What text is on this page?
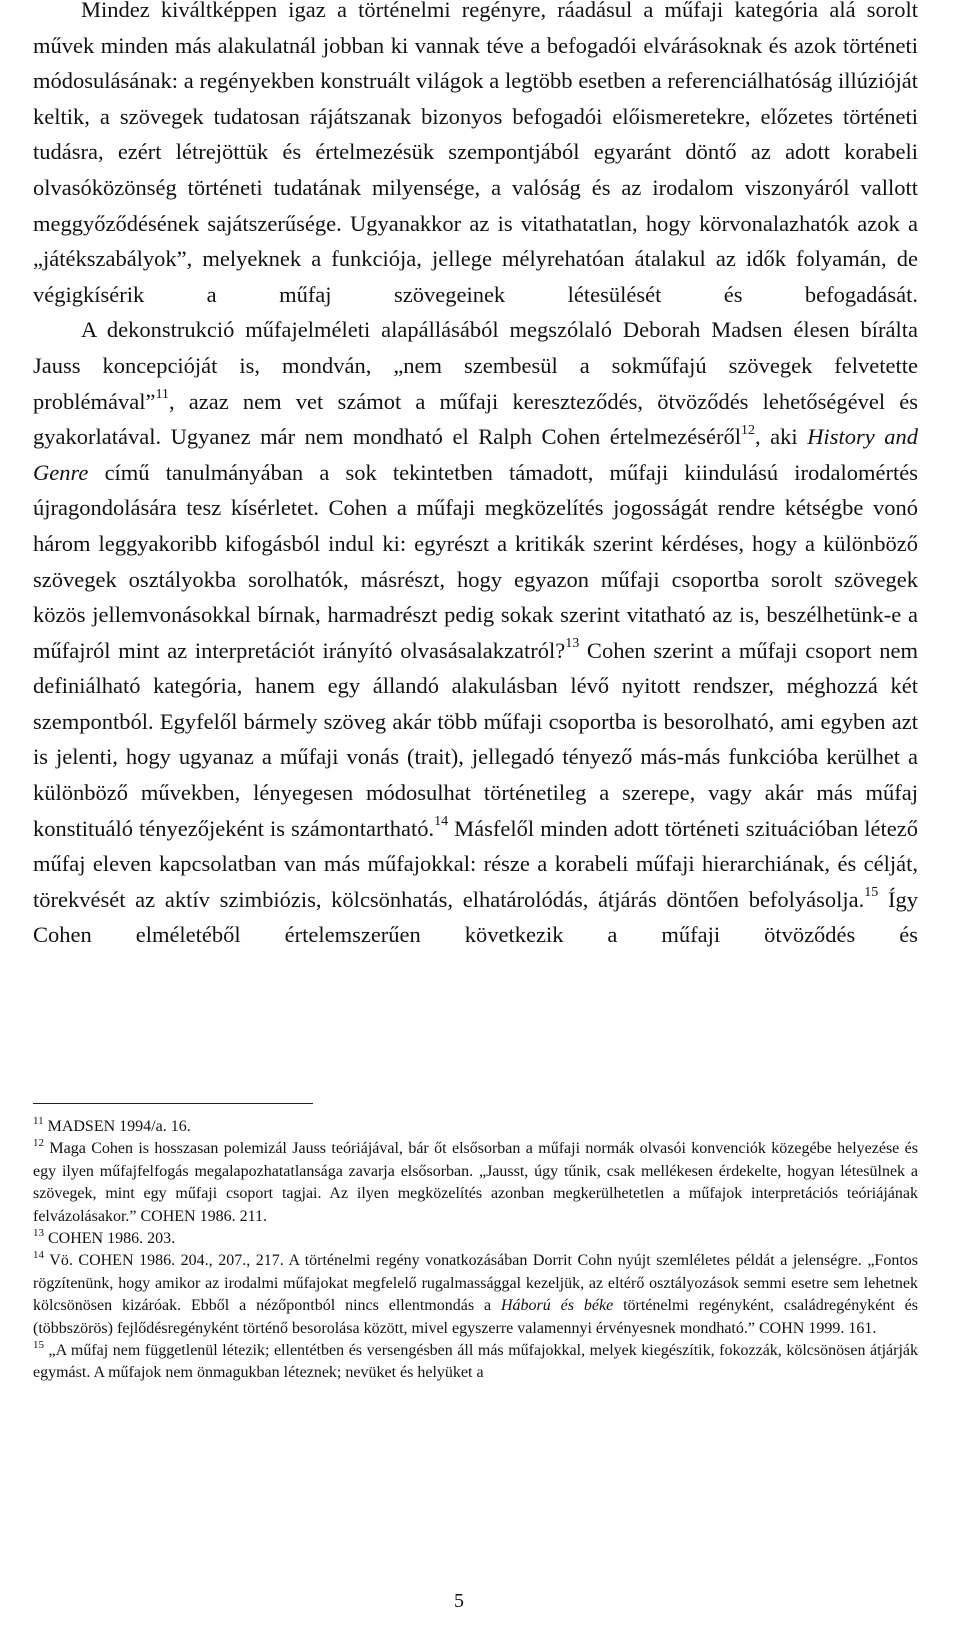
Mindez kiváltképpen igaz a történelmi regényre, ráadásul a műfaji kategória alá sorolt művek minden más alakulatnál jobban ki vannak téve a befogadói elvárásoknak és azok történeti módosulásának: a regényekben konstruált világok a legtöbb esetben a referenciálhatóság illúzióját keltik, a szövegek tudatosan rájátszanak bizonyos befogadói előismeretekre, előzetes történeti tudásra, ezért létrejöttük és értelmezésük szempontjából egyaránt döntő az adott korabeli olvasóközönség történeti tudatának milyensége, a valóság és az irodalom viszonyáról vallott meggyőződésének sajátszerűsége. Ugyanakkor az is vitathatatlan, hogy körvonalazhatók azok a „játékszabályok”, melyeknek a funkciója, jellege mélyrehatóan átalakul az idők folyamán, de végigkísérik a műfaj szövegeinek létesülését és befogadását.

A dekonstrukció műfajelméleti alapállásából megszólaló Deborah Madsen élesen bírálta Jauss koncepcióját is, mondván, „nem szembesül a sokműfajú szövegek felvetette problémával”$^{11}$, azaz nem vet számot a műfaji kereszteződés, ötvöződés lehetőségével és gyakorlatával. Ugyanez már nem mondható el Ralph Cohen értelmezéséről$^{12}$, aki History and Genre című tanulmányában a sok tekintetben támadott, műfaji kiindulású irodalomértés újragondolására tesz kísérletet. Cohen a műfaji megközelítés jogosságát rendre kétségbe vonó három leggyakoribb kifogásból indul ki: egyrészt a kritikák szerint kérdéses, hogy a különböző szövegek osztályokba sorolhatók, másrészt, hogy egyazon műfaji csoportba sorolt szövegek közös jellemvonásokkal bírnak, harmadrészt pedig sokak szerint vitatható az is, beszélhetünk-e a műfajról mint az interpretációt irányító olvasásalakzatról?$^{13}$ Cohen szerint a műfaji csoport nem definiálható kategória, hanem egy állandó alakulásban lévő nyitott rendszer, méghozzá két szempontból. Egyfelől bármely szöveg akár több műfaji csoportba is besorolható, ami egyben azt is jelenti, hogy ugyanaz a műfaji vonás (trait), jellegadó tényező más-más funkcióba kerülhet a különböző művekben, lényegesen módosulhat történetileg a szerepe, vagy akár más műfaj konstituáló tényezőjeként is számontartható.$^{14}$ Másfelől minden adott történeti szituációban létező műfaj eleven kapcsolatban van más műfajokkal: része a korabeli műfaji hierarchiának, és célját, törekvését az aktív szimbiózis, kölcsönhatás, elhatárolódás, átjárás döntően befolyásolja.$^{15}$ Így Cohen elméletéből értelemszerűen következik a műfaji ötvöződés és

$^{11}$ MADSEN 1994/a. 16.

$^{12}$ Maga Cohen is hosszasan polemizál Jauss teóriájával, bár őt elsősorban a műfaji normák olvasói konvenciók közegébe helyezése és egy ilyen műfajfelfogás megalapozhatatlansága zavarja elsősorban. „Jausst, úgy tűnik, csak mellékesen érdekelte, hogyan létesülnek a szövegek, mint egy műfaji csoport tagjai. Az ilyen megközelítés azonban megkerülhetetlen a műfajok interpretációs teóriájának felvázolásakor.” COHEN 1986. 211.

$^{13}$ COHEN 1986. 203.

$^{14}$ Vö. COHEN 1986. 204., 207., 217. A történelmi regény vonatkozásában Dorrit Cohn nyújt szemléletes példát a jelenségre. „Fontos rögzítenünk, hogy amikor az irodalmi műfajokat megfelelő rugalmassággal kezeljük, az eltérő osztályozások semmi esetre sem lehetnek kölcsönösen kizáróak. Ebből a nézőpontból nincs ellentmondás a Háború és béke történelmi regényként, családregényként és (többszörös) fejlődésregényként történő besorolása között, mivel egyszerre valamennyi érvényesnek mondható.” COHN 1999. 161.

$^{15}$ „A műfaj nem függetlenül létezik; ellentétben és versengésben áll más műfajokkal, melyek kiegészítik, fokozzák, kölcsönösen átjárják egymást. A műfajok nem önmagukban léteznek; nevüket és helyüket a

5
